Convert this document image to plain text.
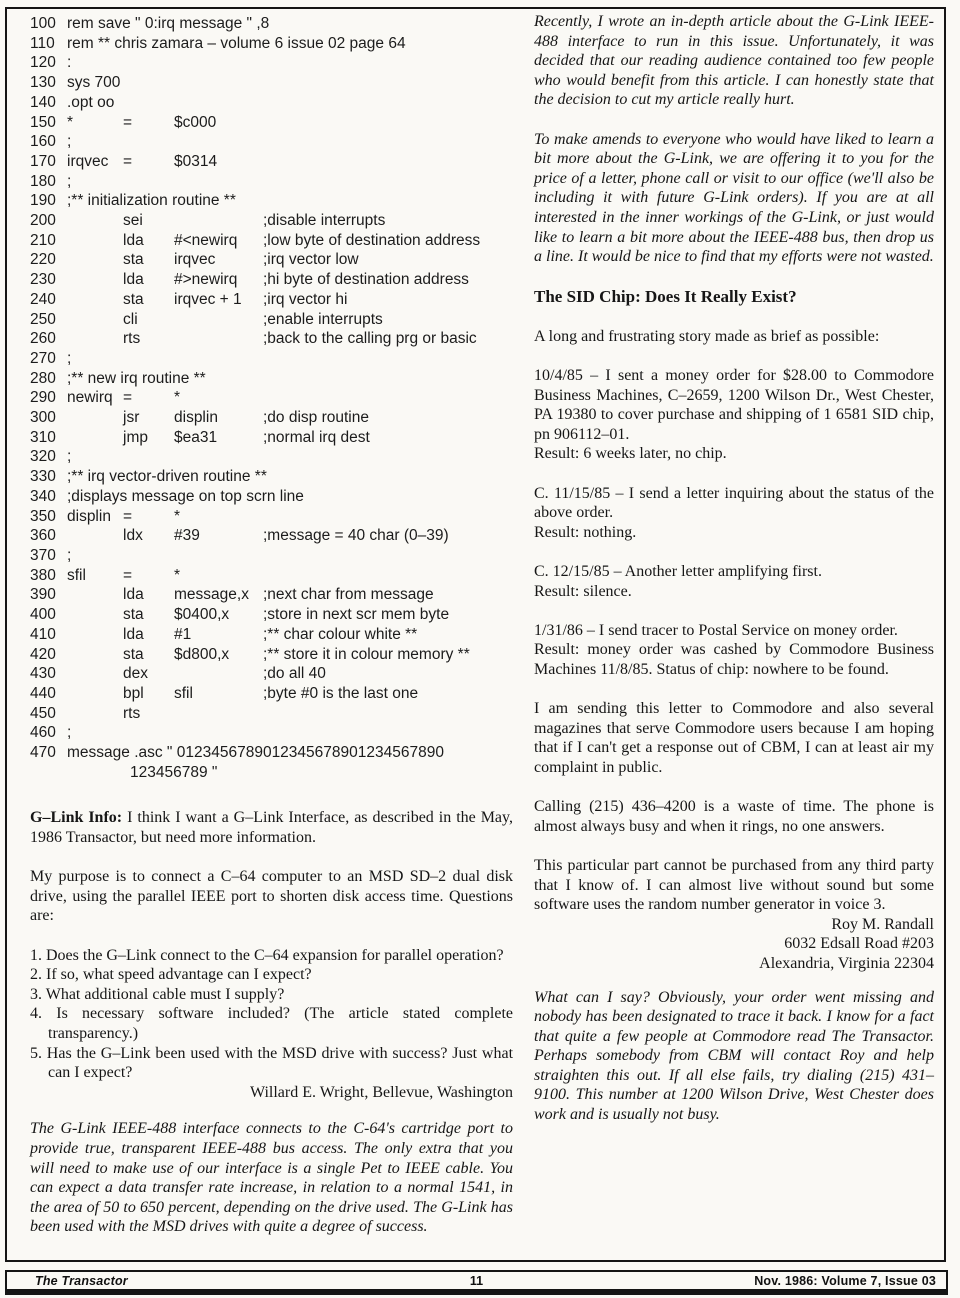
100 rem save " 0:irq message " ,8
110 rem ** chris zamara – volume 6 issue 02 page 64
120 :
130 sys 700
140 .opt oo
150 *	=	$c000
160 ;
170 irqvec =	$0314
180 ;
190 ;** initialization routine **
200	sei	;disable interrupts
210	lda	#<newirq	;low byte of destination address
220	sta	irqvec	;irq vector low
230	lda	#>newirq	;hi byte of destination address
240	sta	irqvec + 1	;irq vector hi
250	cli	;enable interrupts
260	rts	;back to the calling prg or basic
270 ;
280 ;** new irq routine **
290 newirq =	*
300	jsr	displin	;do disp routine
310	jmp	$ea31	;normal irq dest
320 ;
330 ;** irq vector-driven routine **
340 ;displays message on top scrn line
350 displin =	*
360	ldx	#39	;message = 40 char (0–39)
370 ;
380 sfil	=	*
390	lda	message,x ;next char from message
400	sta	$0400,x	;store in next scr mem byte
410	lda	#1	;** char colour white **
420	sta	$d800,x	;** store it in colour memory **
430	dex	;do all 40
440	bpl	sfil	;byte #0 is the last one
450	rts
460 ;
470 message .asc " 0123456789012345678901234567890
123456789 "

G–Link Info: I think I want a G–Link Interface, as described in the May, 1986 Transactor, but need more information.

My purpose is to connect a C–64 computer to an MSD SD–2 dual disk drive, using the parallel IEEE port to shorten disk access time. Questions are:

1. Does the G–Link connect to the C–64 expansion for parallel operation?
2. If so, what speed advantage can I expect?
3. What additional cable must I supply?
4. Is necessary software included? (The article stated complete transparency.)
5. Has the G–Link been used with the MSD drive with success? Just what can I expect?
Willard E. Wright, Bellevue, Washington

The G-Link IEEE-488 interface connects to the C-64's cartridge port to provide true, transparent IEEE-488 bus access. The only extra that you will need to make use of our interface is a single Pet to IEEE cable. You can expect a data transfer rate increase, in relation to a normal 1541, in the area of 50 to 650 percent, depending on the drive used. The G-Link has been used with the MSD drives with quite a degree of success.

Recently, I wrote an in-depth article about the G-Link IEEE-488 interface to run in this issue. Unfortunately, it was decided that our reading audience contained too few people who would benefit from this article. I can honestly state that the decision to cut my article really hurt.

To make amends to everyone who would have liked to learn a bit more about the G-Link, we are offering it to you for the price of a letter, phone call or visit to our office (we'll also be including it with future G-Link orders). If you are at all interested in the inner workings of the G-Link, or just would like to learn a bit more about the IEEE-488 bus, then drop us a line. It would be nice to find that my efforts were not wasted.

The SID Chip: Does It Really Exist?

A long and frustrating story made as brief as possible:

10/4/85 – I sent a money order for $28.00 to Commodore Business Machines, C–2659, 1200 Wilson Dr., West Chester, PA 19380 to cover purchase and shipping of 1 6581 SID chip, pn 906112–01.
Result: 6 weeks later, no chip.
C. 11/15/85 – I send a letter inquiring about the status of the above order.
Result: nothing.
C. 12/15/85 – Another letter amplifying first.
Result: silence.
1/31/86 – I send tracer to Postal Service on money order.
Result: money order was cashed by Commodore Business Machines 11/8/85. Status of chip: nowhere to be found.

I am sending this letter to Commodore and also several magazines that serve Commodore users because I am hoping that if I can't get a response out of CBM, I can at least air my complaint in public.

Calling (215) 436–4200 is a waste of time. The phone is almost always busy and when it rings, no one answers.

This particular part cannot be purchased from any third party that I know of. I can almost live without sound but some software uses the random number generator in voice 3.

Roy M. Randall
6032 Edsall Road #203
Alexandria, Virginia 22304

What can I say? Obviously, your order went missing and nobody has been designated to trace it back. I know for a fact that quite a few people at Commodore read The Transactor. Perhaps somebody from CBM will contact Roy and help straighten this out. If all else fails, try dialing (215) 431–9100. This number at 1200 Wilson Drive, West Chester does work and is usually not busy.

The Transactor	11	Nov. 1986: Volume 7, Issue 03
